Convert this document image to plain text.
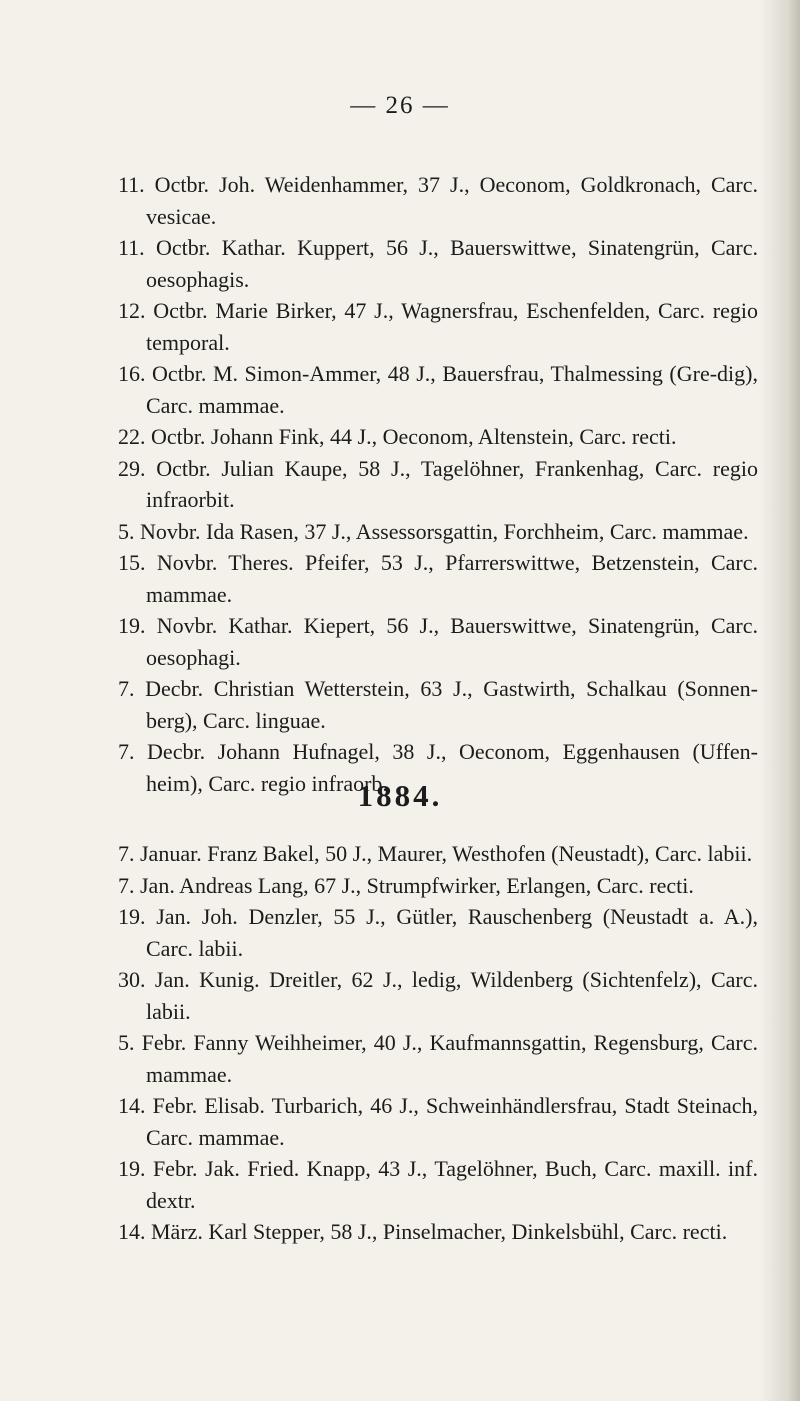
— 26 —

11. Octbr. Joh. Weidenhammer, 37 J., Oeconom, Goldkronach, Carc. vesicae.

11. Octbr. Kathar. Kuppert, 56 J., Bauerswittwe, Sinatengrün, Carc. oesophagis.

12. Octbr. Marie Birker, 47 J., Wagnersfrau, Eschenfelden, Carc. regio temporal.

16. Octbr. M. Simon-Ammer, 48 J., Bauersfrau, Thalmessing (Gre-dig), Carc. mammae.

22. Octbr. Johann Fink, 44 J., Oeconom, Altenstein, Carc. recti.

29. Octbr. Julian Kaupe, 58 J., Tagelöhner, Frankenhag, Carc. regio infraorbit.

5. Novbr. Ida Rasen, 37 J., Assessorsgattin, Forchheim, Carc. mammae.

15. Novbr. Theres. Pfeifer, 53 J., Pfarrerswittwe, Betzenstein, Carc. mammae.

19. Novbr. Kathar. Kiepert, 56 J., Bauerswittwe, Sinatengrün, Carc. oesophagi.

7. Decbr. Christian Wetterstein, 63 J., Gastwirth, Schalkau (Sonnen-berg), Carc. linguae.

7. Decbr. Johann Hufnagel, 38 J., Oeconom, Eggenhausen (Uffen-heim), Carc. regio infraorb.

1884.

7. Januar. Franz Bakel, 50 J., Maurer, Westhofen (Neustadt), Carc. labii.

7. Jan. Andreas Lang, 67 J., Strumpfwirker, Erlangen, Carc. recti.

19. Jan. Joh. Denzler, 55 J., Gütler, Rauschenberg (Neustadt a. A.), Carc. labii.

30. Jan. Kunig. Dreitler, 62 J., ledig, Wildenberg (Sichtenfelz), Carc. labii.

5. Febr. Fanny Weihheimer, 40 J., Kaufmannsgattin, Regensburg, Carc. mammae.

14. Febr. Elisab. Turbarich, 46 J., Schweinhändlersfrau, Stadt Steinach, Carc. mammae.

19. Febr. Jak. Fried. Knapp, 43 J., Tagelöhner, Buch, Carc. maxill. inf. dextr.

14. März. Karl Stepper, 58 J., Pinselmacher, Dinkelsbühl, Carc. recti.
